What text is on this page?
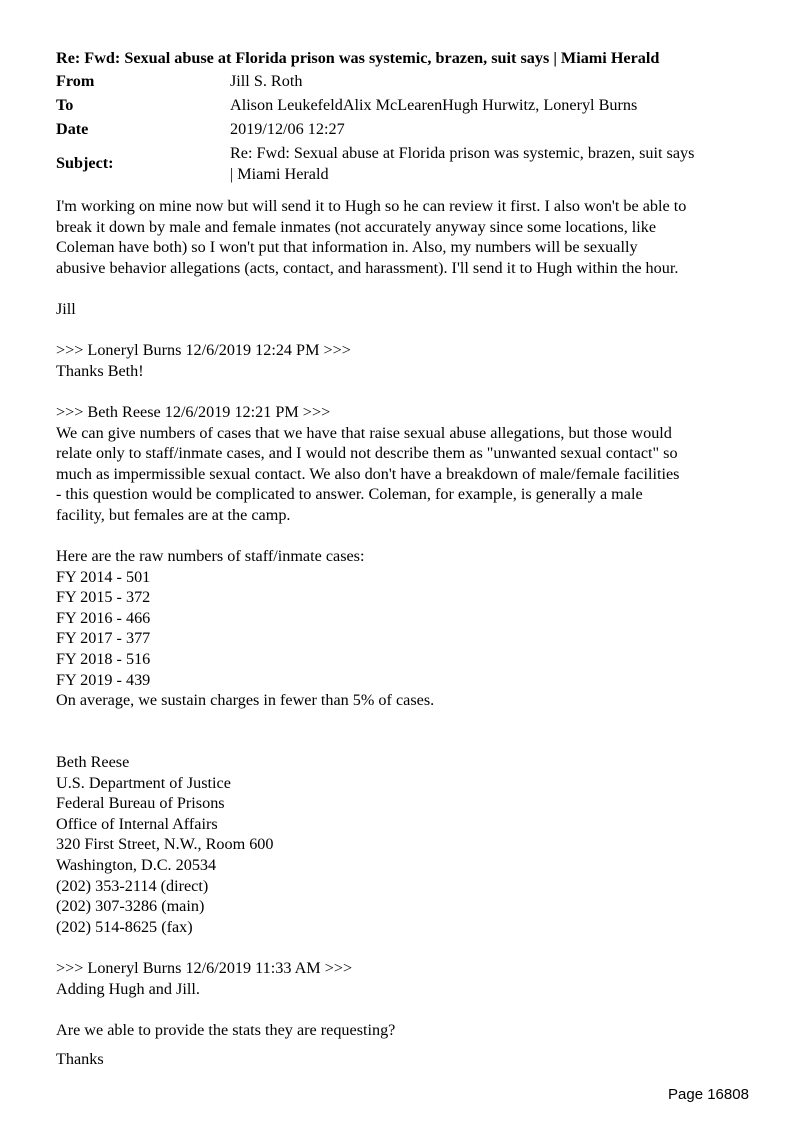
Re: Fwd: Sexual abuse at Florida prison was systemic, brazen, suit says | Miami Herald
From	Jill S. Roth
To	Alison LeukefeldAlix McLearenHugh Hurwitz, Loneryl Burns
Date	2019/12/06 12:27
Subject:	Re: Fwd: Sexual abuse at Florida prison was systemic, brazen, suit says
| Miami Herald
I'm working on mine now but will send it to Hugh so he can review it first. I also won't be able to
break it down by male and female inmates (not accurately anyway since some locations, like
Coleman have both) so I won't put that information in. Also, my numbers will be sexually
abusive behavior allegations (acts, contact, and harassment). I'll send it to Hugh within the hour.
Jill
>>> Loneryl Burns 12/6/2019 12:24 PM >>>
Thanks Beth!
>>> Beth Reese 12/6/2019 12:21 PM >>>
We can give numbers of cases that we have that raise sexual abuse allegations, but those would
relate only to staff/inmate cases, and I would not describe them as "unwanted sexual contact" so
much as impermissible sexual contact. We also don't have a breakdown of male/female facilities
- this question would be complicated to answer. Coleman, for example, is generally a male
facility, but females are at the camp.
Here are the raw numbers of staff/inmate cases:
FY 2014 - 501
FY 2015 - 372
FY 2016 - 466
FY 2017 - 377
FY 2018 - 516
FY 2019 - 439
On average, we sustain charges in fewer than 5% of cases.
Beth Reese
U.S. Department of Justice
Federal Bureau of Prisons
Office of Internal Affairs
320 First Street, N.W., Room 600
Washington, D.C. 20534
(202) 353-2114 (direct)
(202) 307-3286 (main)
(202) 514-8625 (fax)
>>> Loneryl Burns 12/6/2019 11:33 AM >>>
Adding Hugh and Jill.
Are we able to provide the stats they are requesting?
Thanks
Page 16808
